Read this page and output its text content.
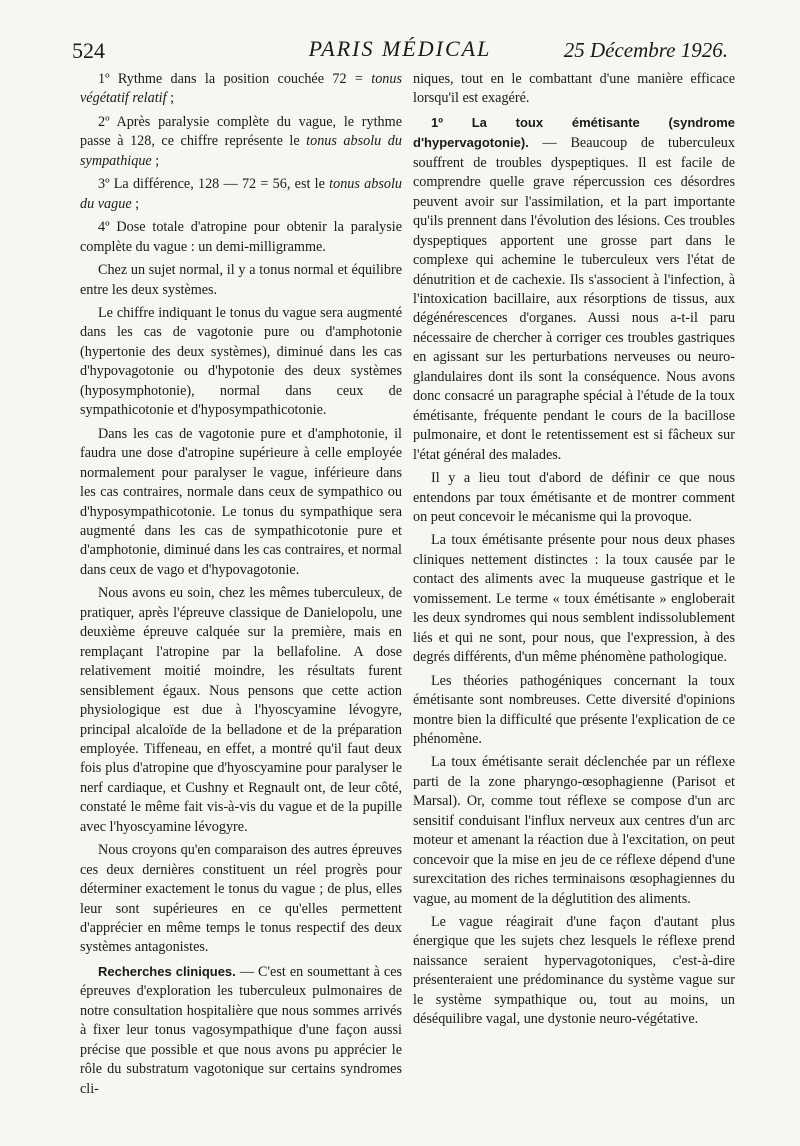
524	PARIS MÉDICAL	25 Décembre 1926.

1º Rythme dans la position couchée 72 = tonus végétatif relatif ;

2º Après paralysie complète du vague, le rythme passe à 128, ce chiffre représente le tonus absolu du sympathique ;

3º La différence, 128 — 72 = 56, est le tonus absolu du vague ;

4º Dose totale d'atropine pour obtenir la paralysie complète du vague : un demi-milligramme.

Chez un sujet normal, il y a tonus normal et équilibre entre les deux systèmes.

Le chiffre indiquant le tonus du vague sera augmenté dans les cas de vagotonie pure ou d'amphotonie (hypertonie des deux systèmes), diminué dans les cas d'hypovagotonie ou d'hypotonie des deux systèmes (hyposymphotonie), normal dans ceux de sympathicotonie et d'hyposympathicotonie.

Dans les cas de vagotonie pure et d'amphotonie, il faudra une dose d'atropine supérieure à celle employée normalement pour paralyser le vague, inférieure dans les cas contraires, normale dans ceux de sympathico ou d'hyposympathicotonie. Le tonus du sympathique sera augmenté dans les cas de sympathicotonie pure et d'amphotonie, diminué dans les cas contraires, et normal dans ceux de vago et d'hypovagotonie.

Nous avons eu soin, chez les mêmes tuberculeux, de pratiquer, après l'épreuve classique de Danielopolu, une deuxième épreuve calquée sur la première, mais en remplaçant l'atropine par la bellafoline. A dose relativement moitié moindre, les résultats furent sensiblement égaux. Nous pensons que cette action physiologique est due à l'hyoscyamine lévogyre, principal alcaloïde de la belladone et de la préparation employée. Tiffeneau, en effet, a montré qu'il faut deux fois plus d'atropine que d'hyoscyamine pour paralyser le nerf cardiaque, et Cushny et Regnault ont, de leur côté, constaté le même fait vis-à-vis du vague et de la pupille avec l'hyoscyamine lévogyre.

Nous croyons qu'en comparaison des autres épreuves ces deux dernières constituent un réel progrès pour déterminer exactement le tonus du vague ; de plus, elles leur sont supérieures en ce qu'elles permettent d'apprécier en même temps le tonus respectif des deux systèmes antagonistes.

Recherches cliniques. — C'est en soumettant à ces épreuves d'exploration les tuberculeux pulmonaires de notre consultation hospitalière que nous sommes arrivés à fixer leur tonus vagosympathique d'une façon aussi précise que possible et que nous avons pu apprécier le rôle du substratum vagotonique sur certains syndromes cli-

niques, tout en le combattant d'une manière efficace lorsqu'il est exagéré.

1º La toux émétisante (syndrome d'hypervagotonie). — Beaucoup de tuberculeux souffrent de troubles dyspeptiques. Il est facile de comprendre quelle grave répercussion ces désordres peuvent avoir sur l'assimilation, et la part importante qu'ils prennent dans l'évolution des lésions. Ces troubles dyspeptiques apportent une grosse part dans le complexe qui achemine le tuberculeux vers l'état de dénutrition et de cachexie. Ils s'associent à l'infection, à l'intoxication bacillaire, aux résorptions de tissus, aux dégénérescences d'organes. Aussi nous a-t-il paru nécessaire de chercher à corriger ces troubles gastriques en agissant sur les perturbations nerveuses ou neuro-glandulaires dont ils sont la conséquence. Nous avons donc consacré un paragraphe spécial à l'étude de la toux émétisante, fréquente pendant le cours de la bacillose pulmonaire, et dont le retentissement est si fâcheux sur l'état général des malades.

Il y a lieu tout d'abord de définir ce que nous entendons par toux émétisante et de montrer comment on peut concevoir le mécanisme qui la provoque.

La toux émétisante présente pour nous deux phases cliniques nettement distinctes : la toux causée par le contact des aliments avec la muqueuse gastrique et le vomissement. Le terme « toux émétisante » engloberait les deux syndromes qui nous semblent indissolublement liés et qui ne sont, pour nous, que l'expression, à des degrés différents, d'un même phénomène pathologique.

Les théories pathogéniques concernant la toux émétisante sont nombreuses. Cette diversité d'opinions montre bien la difficulté que présente l'explication de ce phénomène.

La toux émétisante serait déclenchée par un réflexe parti de la zone pharyngo-œsophagienne (Parisot et Marsal). Or, comme tout réflexe se compose d'un arc sensitif conduisant l'influx nerveux aux centres d'un arc moteur et amenant la réaction due à l'excitation, on peut concevoir que la mise en jeu de ce réflexe dépend d'une surexcitation des riches terminaisons œsophagiennes du vague, au moment de la déglutition des aliments.

Le vague réagirait d'une façon d'autant plus énergique que les sujets chez lesquels le réflexe prend naissance seraient hypervagotoniques, c'est-à-dire présenteraient une prédominance du système vague sur le système sympathique ou, tout au moins, un déséquilibre vagal, une dystonie neuro-végétative.
